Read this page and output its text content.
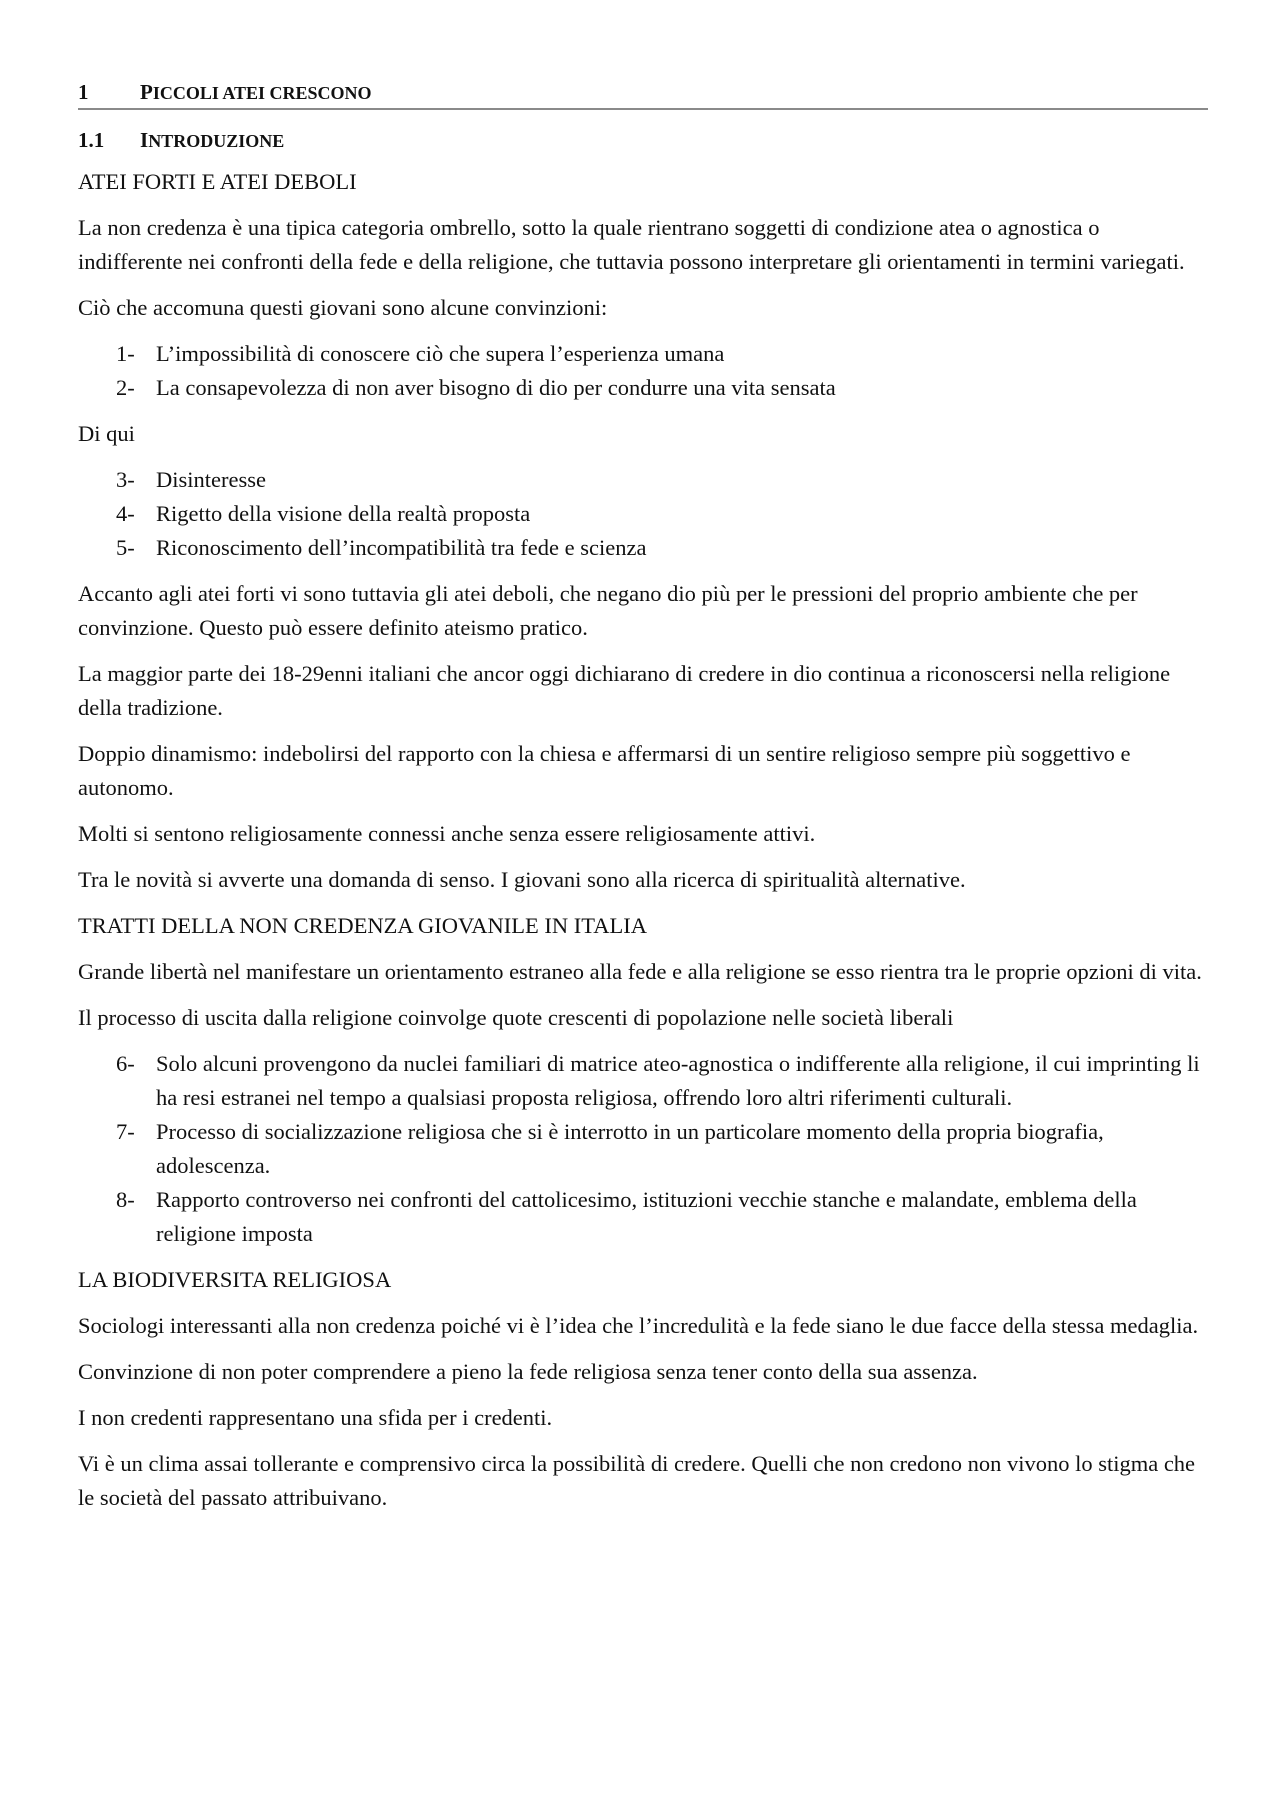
1	PICCOLI ATEI CRESCONO
1.1	INTRODUZIONE
ATEI FORTI E ATEI DEBOLI

La non credenza è una tipica categoria ombrello, sotto la quale rientrano soggetti di condizione atea o agnostica o indifferente nei confronti della fede e della religione, che tuttavia possono interpretare gli orientamenti in termini variegati.

Ciò che accomuna questi giovani sono alcune convinzioni:

1- L’impossibilità di conoscere ciò che supera l’esperienza umana
2- La consapevolezza di non aver bisogno di dio per condurre una vita sensata

Di qui

3- Disinteresse
4- Rigetto della visione della realtà proposta
5- Riconoscimento dell’incompatibilità tra fede e scienza

Accanto agli atei forti vi sono tuttavia gli atei deboli, che negano dio più per le pressioni del proprio ambiente che per convinzione. Questo può essere definito ateismo pratico.

La maggior parte dei 18-29enni italiani che ancor oggi dichiarano di credere in dio continua a riconoscersi nella religione della tradizione.

Doppio dinamismo: indebolirsi del rapporto con la chiesa e affermarsi di un sentire religioso sempre più soggettivo e autonomo.

Molti si sentono religiosamente connessi anche senza essere religiosamente attivi.

Tra le novità si avverte una domanda di senso. I giovani sono alla ricerca di spiritualità alternative.

TRATTI DELLA NON CREDENZA GIOVANILE IN ITALIA

Grande libertà nel manifestare un orientamento estraneo alla fede e alla religione se esso rientra tra le proprie opzioni di vita.

Il processo di uscita dalla religione coinvolge quote crescenti di popolazione nelle società liberali

6- Solo alcuni provengono da nuclei familiari di matrice ateo-agnostica o indifferente alla religione, il cui imprinting li ha resi estranei nel tempo a qualsiasi proposta religiosa, offrendo loro altri riferimenti culturali.
7- Processo di socializzazione religiosa che si è interrotto in un particolare momento della propria biografia, adolescenza.
8- Rapporto controverso nei confronti del cattolicesimo, istituzioni vecchie stanche e malandate, emblema della religione imposta
LA BIODIVERSITA RELIGIOSA

Sociologi interessanti alla non credenza poiché vi è l’idea che l’incredulità e la fede siano le due facce della stessa medaglia.

Convinzione di non poter comprendere a pieno la fede religiosa senza tener conto della sua assenza.

I non credenti rappresentano una sfida per i credenti.

Vi è un clima assai tollerante e comprensivo circa la possibilità di credere. Quelli che non credono non vivono lo stigma che le società del passato attribuivano.
